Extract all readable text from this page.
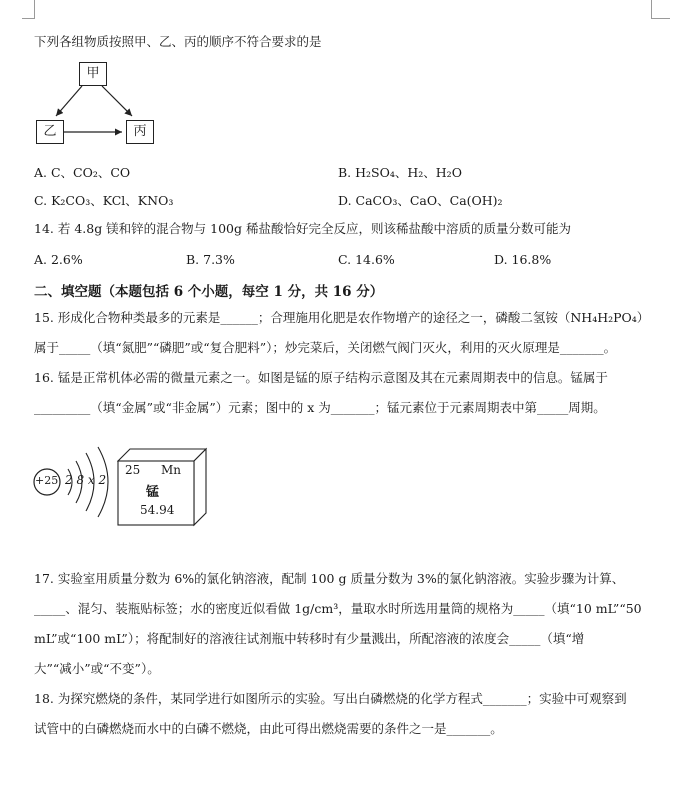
下列各组物质按照甲、乙、丙的顺序不符合要求的是
甲
乙	丙
A. C、CO₂、CO	B. H₂SO₄、H₂、H₂O
C. K₂CO₃、KCl、KNO₃	D. CaCO₃、CaO、Ca(OH)₂
14. 若 4.8g 镁和锌的混合物与 100g 稀盐酸恰好完全反应，则该稀盐酸中溶质的质量分数可能为
A. 2.6%	B. 7.3%	C. 14.6%	D. 16.8%
二、填空题（本题包括 6 个小题，每空 1 分，共 16 分）
15. 形成化合物种类最多的元素是______；合理施用化肥是农作物增产的途径之一，磷酸二氢铵（NH₄H₂PO₄）
属于_____（填“氮肥”“磷肥”或“复合肥料”）；炒完菜后，关闭燃气阀门灭火，利用的灭火原理是_______。
16. 锰是正常机体必需的微量元素之一。如图是锰的原子结构示意图及其在元素周期表中的信息。锰属于
_________（填“金属”或“非金属”）元素；图中的 x 为_______；锰元素位于元素周期表中第_____周期。
+25 2 8 x 2
25 Mn
锰
54.94
17. 实验室用质量分数为 6%的氯化钠溶液，配制 100 g 质量分数为 3%的氯化钠溶液。实验步骤为计算、
_____、混匀、装瓶贴标签；水的密度近似看做 1g/cm³，量取水时所选用量筒的规格为_____（填“10 mL”“50
mL”或“100 mL”）；将配制好的溶液往试剂瓶中转移时有少量溅出，所配溶液的浓度会_____（填“增
大”“减小”或“不变”）。
18. 为探究燃烧的条件，某同学进行如图所示的实验。写出白磷燃烧的化学方程式_______；实验中可观察到
试管中的白磷燃烧而水中的白磷不燃烧，由此可得出燃烧需要的条件之一是_______。
